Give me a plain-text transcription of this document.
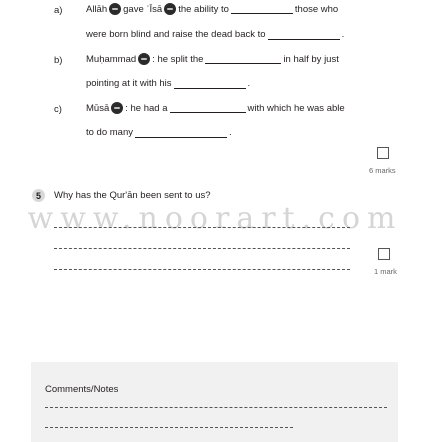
a) Allāh gave ʿĪsā the ability to	those who
were born blind and raise the dead back to	.
b) Muḥammad : he split the	in half by just
pointing at it with his	.
c)	Mūsā : he had a	with which he was able
to do many	.
6 marks
5	Why has the Qur'ān been sent to us?
www.noorart.com
1 mark
Comments/Notes
